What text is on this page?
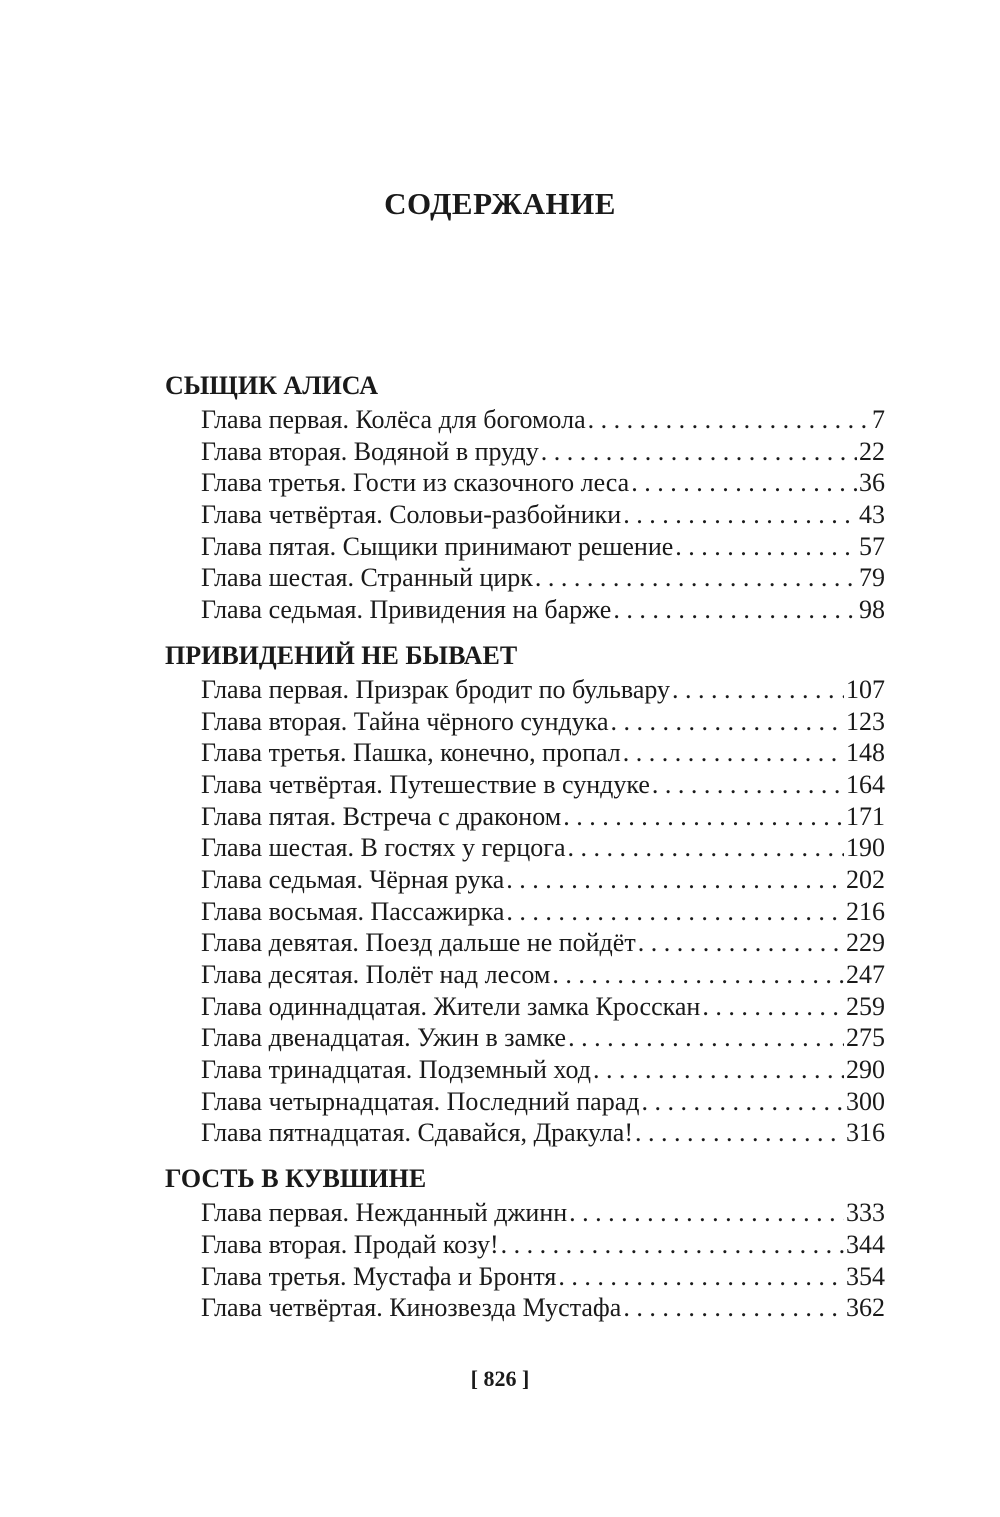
СОДЕРЖАНИЕ
СЫЩИК АЛИСА
Глава первая. Колёса для богомола . . .	7
Глава вторая. Водяной в пруду . . .	22
Глава третья. Гости из сказочного леса . . .	36
Глава четвёртая. Соловьи-разбойники . . .	43
Глава пятая. Сыщики принимают решение . . .	57
Глава шестая. Странный цирк . . .	79
Глава седьмая. Привидения на барже . . .	98
ПРИВИДЕНИЙ НЕ БЫВАЕТ
Глава первая. Призрак бродит по бульвару . . .	107
Глава вторая. Тайна чёрного сундука . . .	123
Глава третья. Пашка, конечно, пропал . . .	148
Глава четвёртая. Путешествие в сундуке . . .	164
Глава пятая. Встреча с драконом . . .	171
Глава шестая. В гостях у герцога . . .	190
Глава седьмая. Чёрная рука . . .	202
Глава восьмая. Пассажирка . . .	216
Глава девятая. Поезд дальше не пойдёт . . .	229
Глава десятая. Полёт над лесом . . .	247
Глава одиннадцатая. Жители замка Кросскан . . .	259
Глава двенадцатая. Ужин в замке . . .	275
Глава тринадцатая. Подземный ход . . .	290
Глава четырнадцатая. Последний парад . . .	300
Глава пятнадцатая. Сдавайся, Дракула! . . .	316
ГОСТЬ В КУВШИНЕ
Глава первая. Нежданный джинн . . .	333
Глава вторая. Продай козу! . . .	344
Глава третья. Мустафа и Бронтя . . .	354
Глава четвёртая. Кинозвезда Мустафа . . .	362
[ 826 ]
